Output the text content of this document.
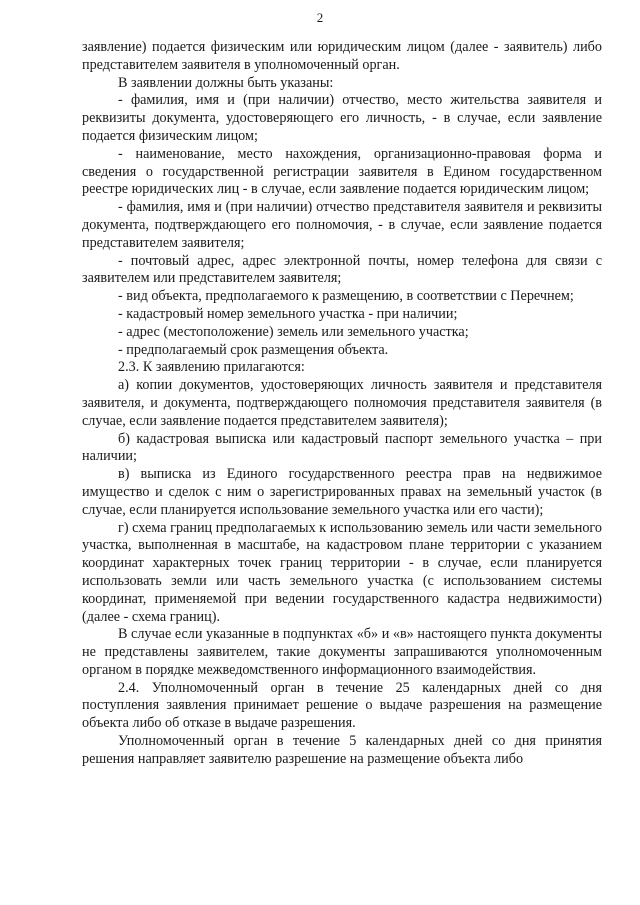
2

заявление) подается физическим или юридическим лицом (далее - заявитель) либо представителем заявителя в уполномоченный орган.

В заявлении должны быть указаны:

- фамилия, имя и (при наличии) отчество, место жительства заявителя и реквизиты документа, удостоверяющего его личность, - в случае, если заявление подается физическим лицом;

- наименование, место нахождения, организационно-правовая форма и сведения о государственной регистрации заявителя в Едином государственном реестре юридических лиц - в случае, если заявление подается юридическим лицом;

- фамилия, имя и (при наличии) отчество представителя заявителя и реквизиты документа, подтверждающего его полномочия, - в случае, если заявление подается представителем заявителя;

- почтовый адрес, адрес электронной почты, номер телефона для связи с заявителем или представителем заявителя;

- вид объекта, предполагаемого к размещению, в соответствии с Перечнем;

- кадастровый номер земельного участка - при наличии;

- адрес (местоположение) земель или земельного участка;

- предполагаемый срок размещения объекта.

2.3. К заявлению прилагаются:

а) копии документов, удостоверяющих личность заявителя и представителя заявителя, и документа, подтверждающего полномочия представителя заявителя (в случае, если заявление подается представителем заявителя);

б) кадастровая выписка или кадастровый паспорт земельного участка – при наличии;

в) выписка из Единого государственного реестра прав на недвижимое имущество и сделок с ним о зарегистрированных правах на земельный участок (в случае, если планируется использование земельного участка или его части);

г) схема границ предполагаемых к использованию земель или части земельного участка, выполненная в масштабе, на кадастровом плане территории с указанием координат характерных точек границ территории - в случае, если планируется использовать земли или часть земельного участка (с использованием системы координат, применяемой при ведении государственного кадастра недвижимости) (далее - схема границ).

В случае если указанные в подпунктах «б» и «в» настоящего пункта документы не представлены заявителем, такие документы запрашиваются уполномоченным органом в порядке межведомственного информационного взаимодействия.

2.4. Уполномоченный орган в течение 25 календарных дней со дня поступления заявления принимает решение о выдаче разрешения на размещение объекта либо об отказе в выдаче разрешения.

Уполномоченный орган в течение 5 календарных дней со дня принятия решения направляет заявителю разрешение на размещение объекта либо
